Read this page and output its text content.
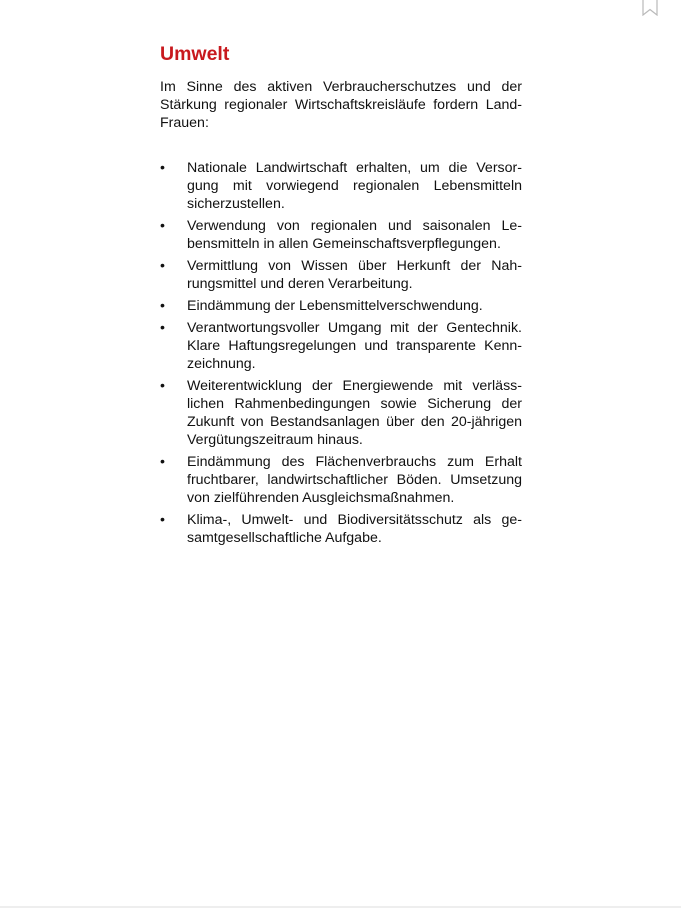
Umwelt

Im Sinne des aktiven Verbraucherschutzes und der Stärkung regionaler Wirtschaftskreisläufe fordern LandFrauen:

• Nationale Landwirtschaft erhalten, um die Versorgung mit vorwiegend regionalen Lebensmitteln sicherzustellen.
• Verwendung von regionalen und saisonalen Lebensmitteln in allen Gemeinschaftsverpflegungen.
• Vermittlung von Wissen über Herkunft der Nahrungsmittel und deren Verarbeitung.
• Eindämmung der Lebensmittelverschwendung.
• Verantwortungsvoller Umgang mit der Gentechnik. Klare Haftungsregelungen und transparente Kennzeichnung.
• Weiterentwicklung der Energiewende mit verlässlichen Rahmenbedingungen sowie Sicherung der Zukunft von Bestandsanlagen über den 20-jährigen Vergütungszeitraum hinaus.
• Eindämmung des Flächenverbrauchs zum Erhalt fruchtbarer, landwirtschaftlicher Böden. Umsetzung von zielführenden Ausgleichsmaßnahmen.
• Klima-, Umwelt- und Biodiversitätsschutz als gesamtgesellschaftliche Aufgabe.
